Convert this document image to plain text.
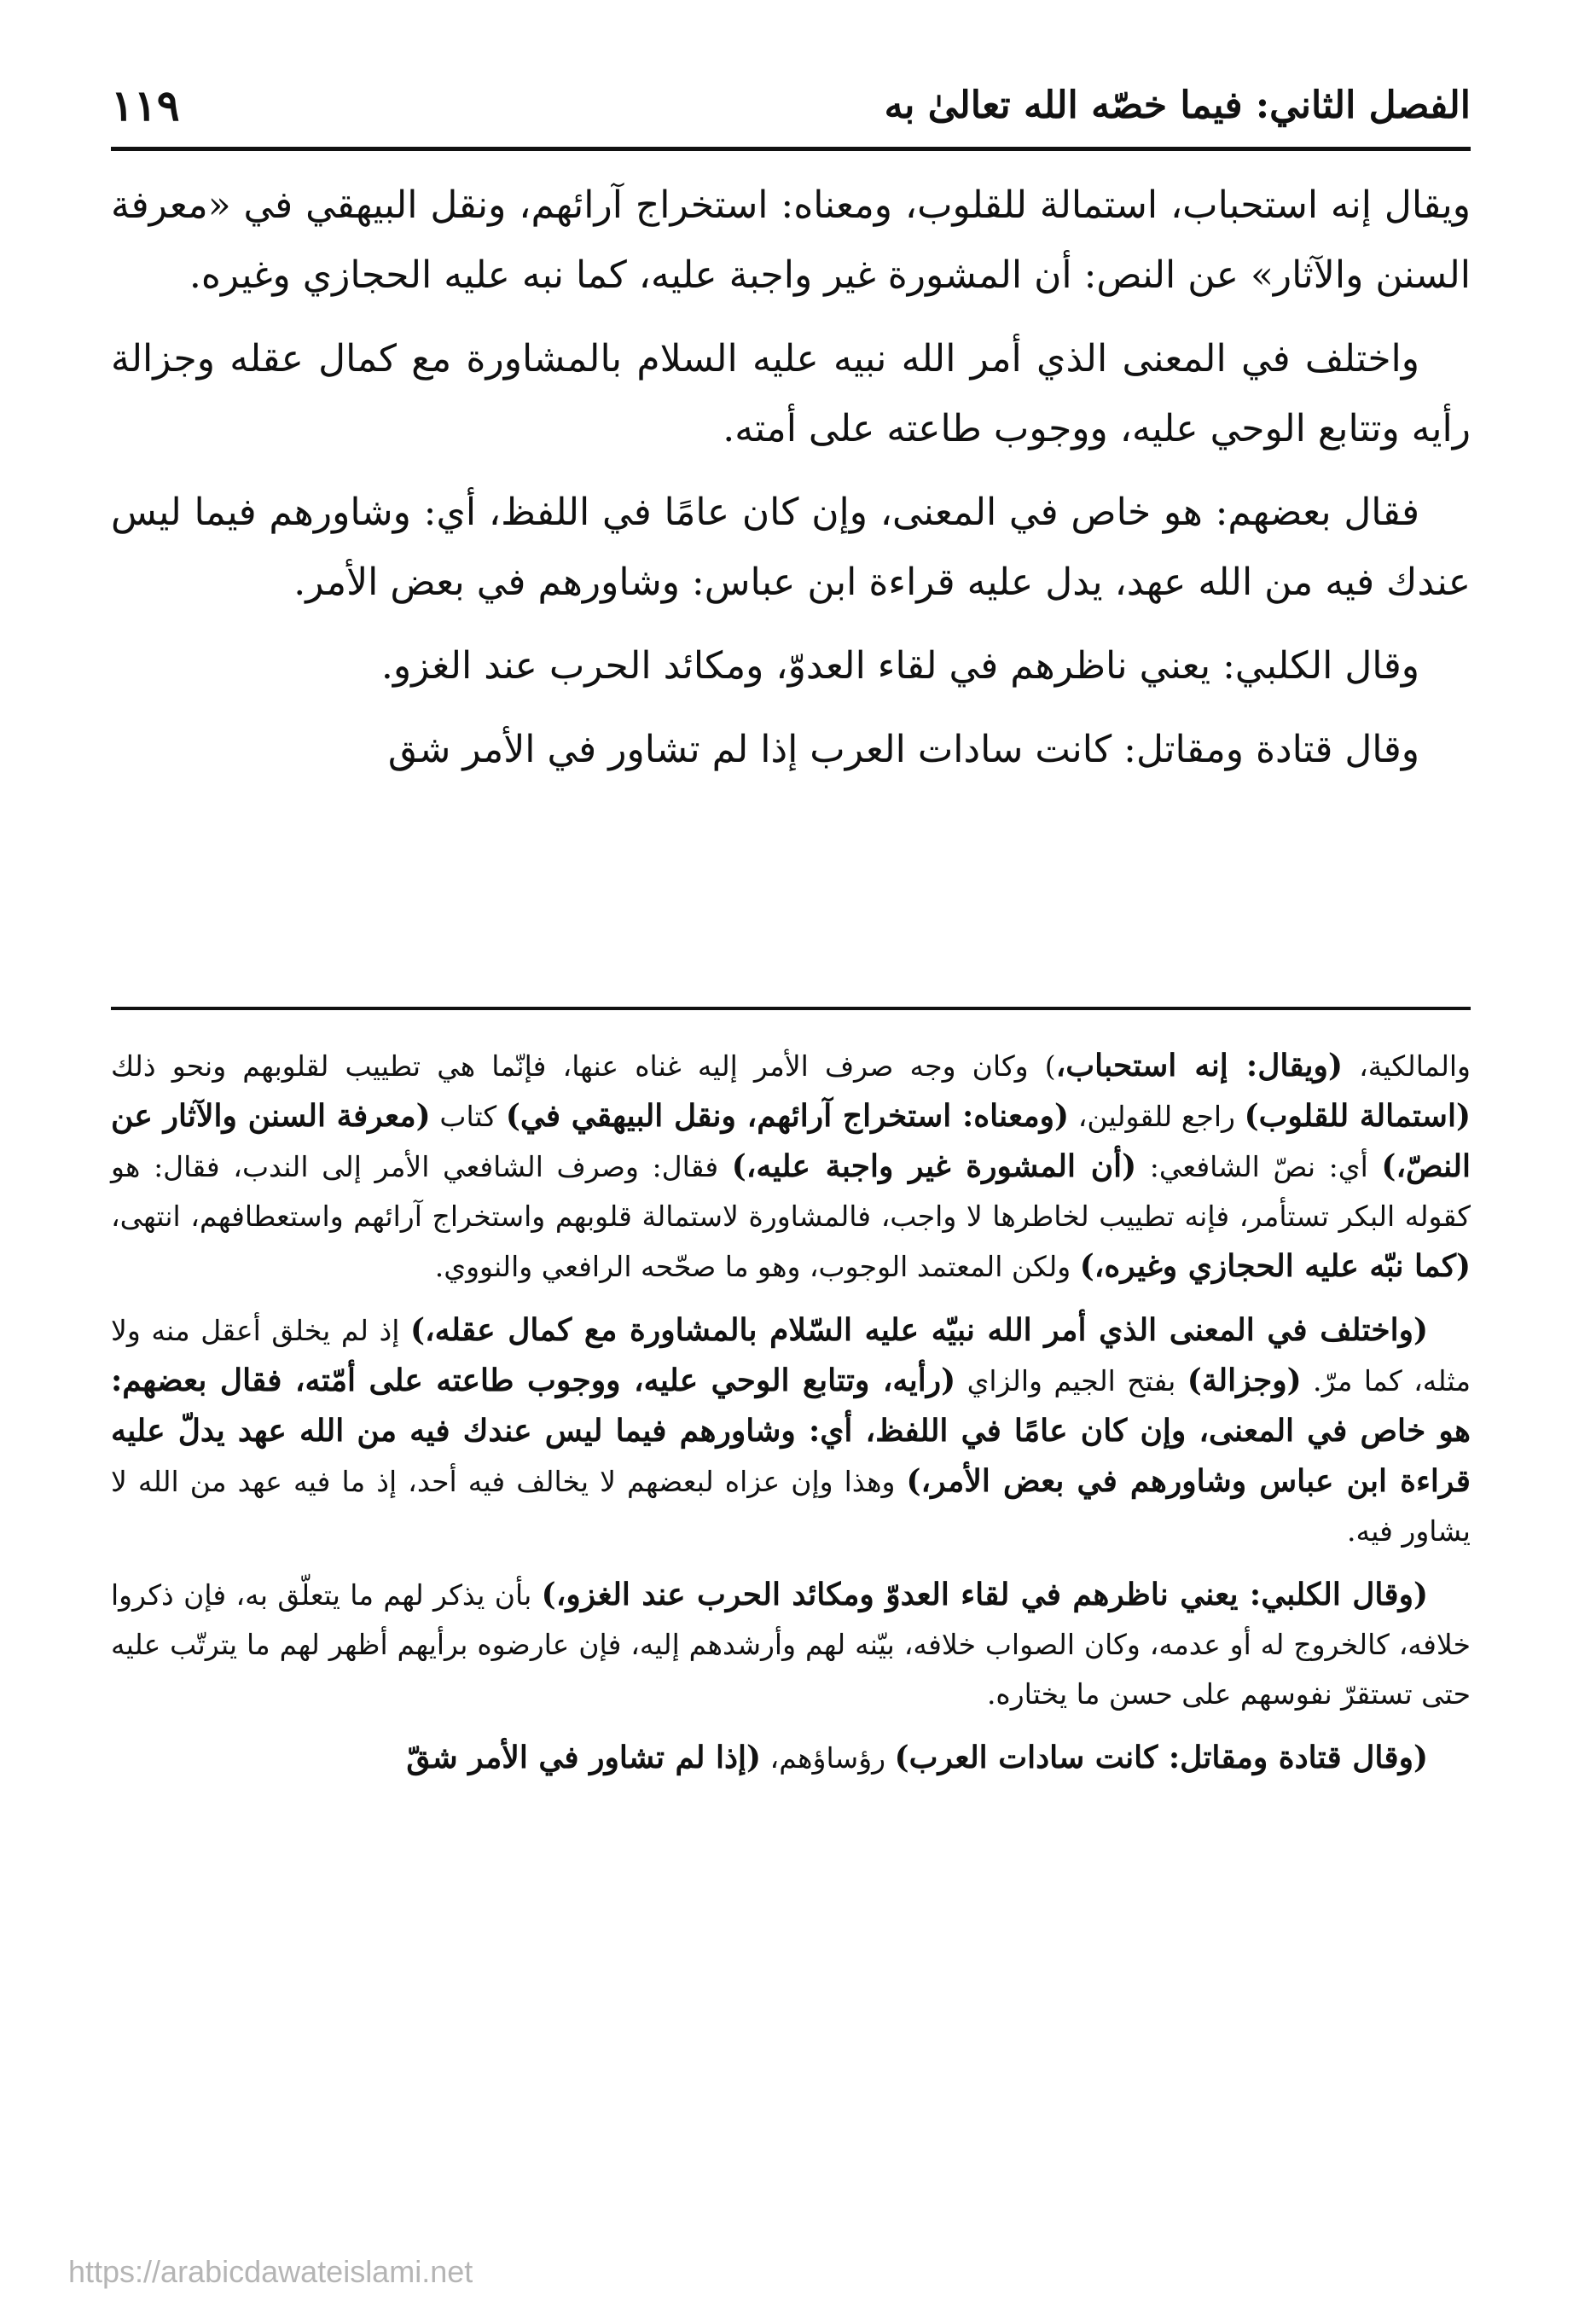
الفصل الثاني: فيما خصّه الله تعالىٰ به
١١٩

ويقال إنه استحباب، استمالة للقلوب، ومعناه: استخراج آرائهم، ونقل البيهقي في «معرفة السنن والآثار» عن النص: أن المشورة غير واجبة عليه، كما نبه عليه الحجازي وغيره.

واختلف في المعنى الذي أمر الله نبيه عليه السلام بالمشاورة مع كمال عقله وجزالة رأيه وتتابع الوحي عليه، ووجوب طاعته على أمته.

فقال بعضهم: هو خاص في المعنى، وإن كان عامًا في اللفظ، أي: وشاورهم فيما ليس عندك فيه من الله عهد، يدل عليه قراءة ابن عباس: وشاورهم في بعض الأمر.

وقال الكلبي: يعني ناظرهم في لقاء العدوّ، ومكائد الحرب عند الغزو.

وقال قتادة ومقاتل: كانت سادات العرب إذا لم تشاور في الأمر شق

والمالكية، (ويقال: إنه استحباب،) وكان وجه صرف الأمر إليه غناه عنها، فإنّما هي تطييب لقلوبهم ونحو ذلك (استمالة للقلوب) راجع للقولين، (ومعناه: استخراج آرائهم، ونقل البيهقي في) كتاب (معرفة السنن والآثار عن النصّ،) أي: نصّ الشافعي: (أن المشورة غير واجبة عليه،) فقال: وصرف الشافعي الأمر إلى الندب، فقال: هو كقوله البكر تستأمر، فإنه تطييب لخاطرها لا واجب، فالمشاورة لاستمالة قلوبهم واستخراج آرائهم واستعطافهم، انتهى، (كما نبّه عليه الحجازي وغيره،) ولكن المعتمد الوجوب، وهو ما صحّحه الرافعي والنووي.

(واختلف في المعنى الذي أمر الله نبيّه عليه السّلام بالمشاورة مع كمال عقله،) إذ لم يخلق أعقل منه ولا مثله، كما مرّ. (وجزالة) بفتح الجيم والزاي (رأيه، وتتابع الوحي عليه، ووجوب طاعته على أمّته، فقال بعضهم: هو خاص في المعنى، وإن كان عامًا في اللفظ، أي: وشاورهم فيما ليس عندك فيه من الله عهد يدلّ عليه قراءة ابن عباس وشاورهم في بعض الأمر،) وهذا وإن عزاه لبعضهم لا يخالف فيه أحد، إذ ما فيه عهد من الله لا يشاور فيه.

(وقال الكلبي: يعني ناظرهم في لقاء العدوّ ومكائد الحرب عند الغزو،) بأن يذكر لهم ما يتعلّق به، فإن ذكروا خلافه، كالخروج له أو عدمه، وكان الصواب خلافه، بيّنه لهم وأرشدهم إليه، فإن عارضوه برأيهم أظهر لهم ما يترتّب عليه حتى تستقرّ نفوسهم على حسن ما يختاره.

(وقال قتادة ومقاتل: كانت سادات العرب) رؤساؤهم، (إذا لم تشاور في الأمر شقّ

https://arabicdawateislami.net
